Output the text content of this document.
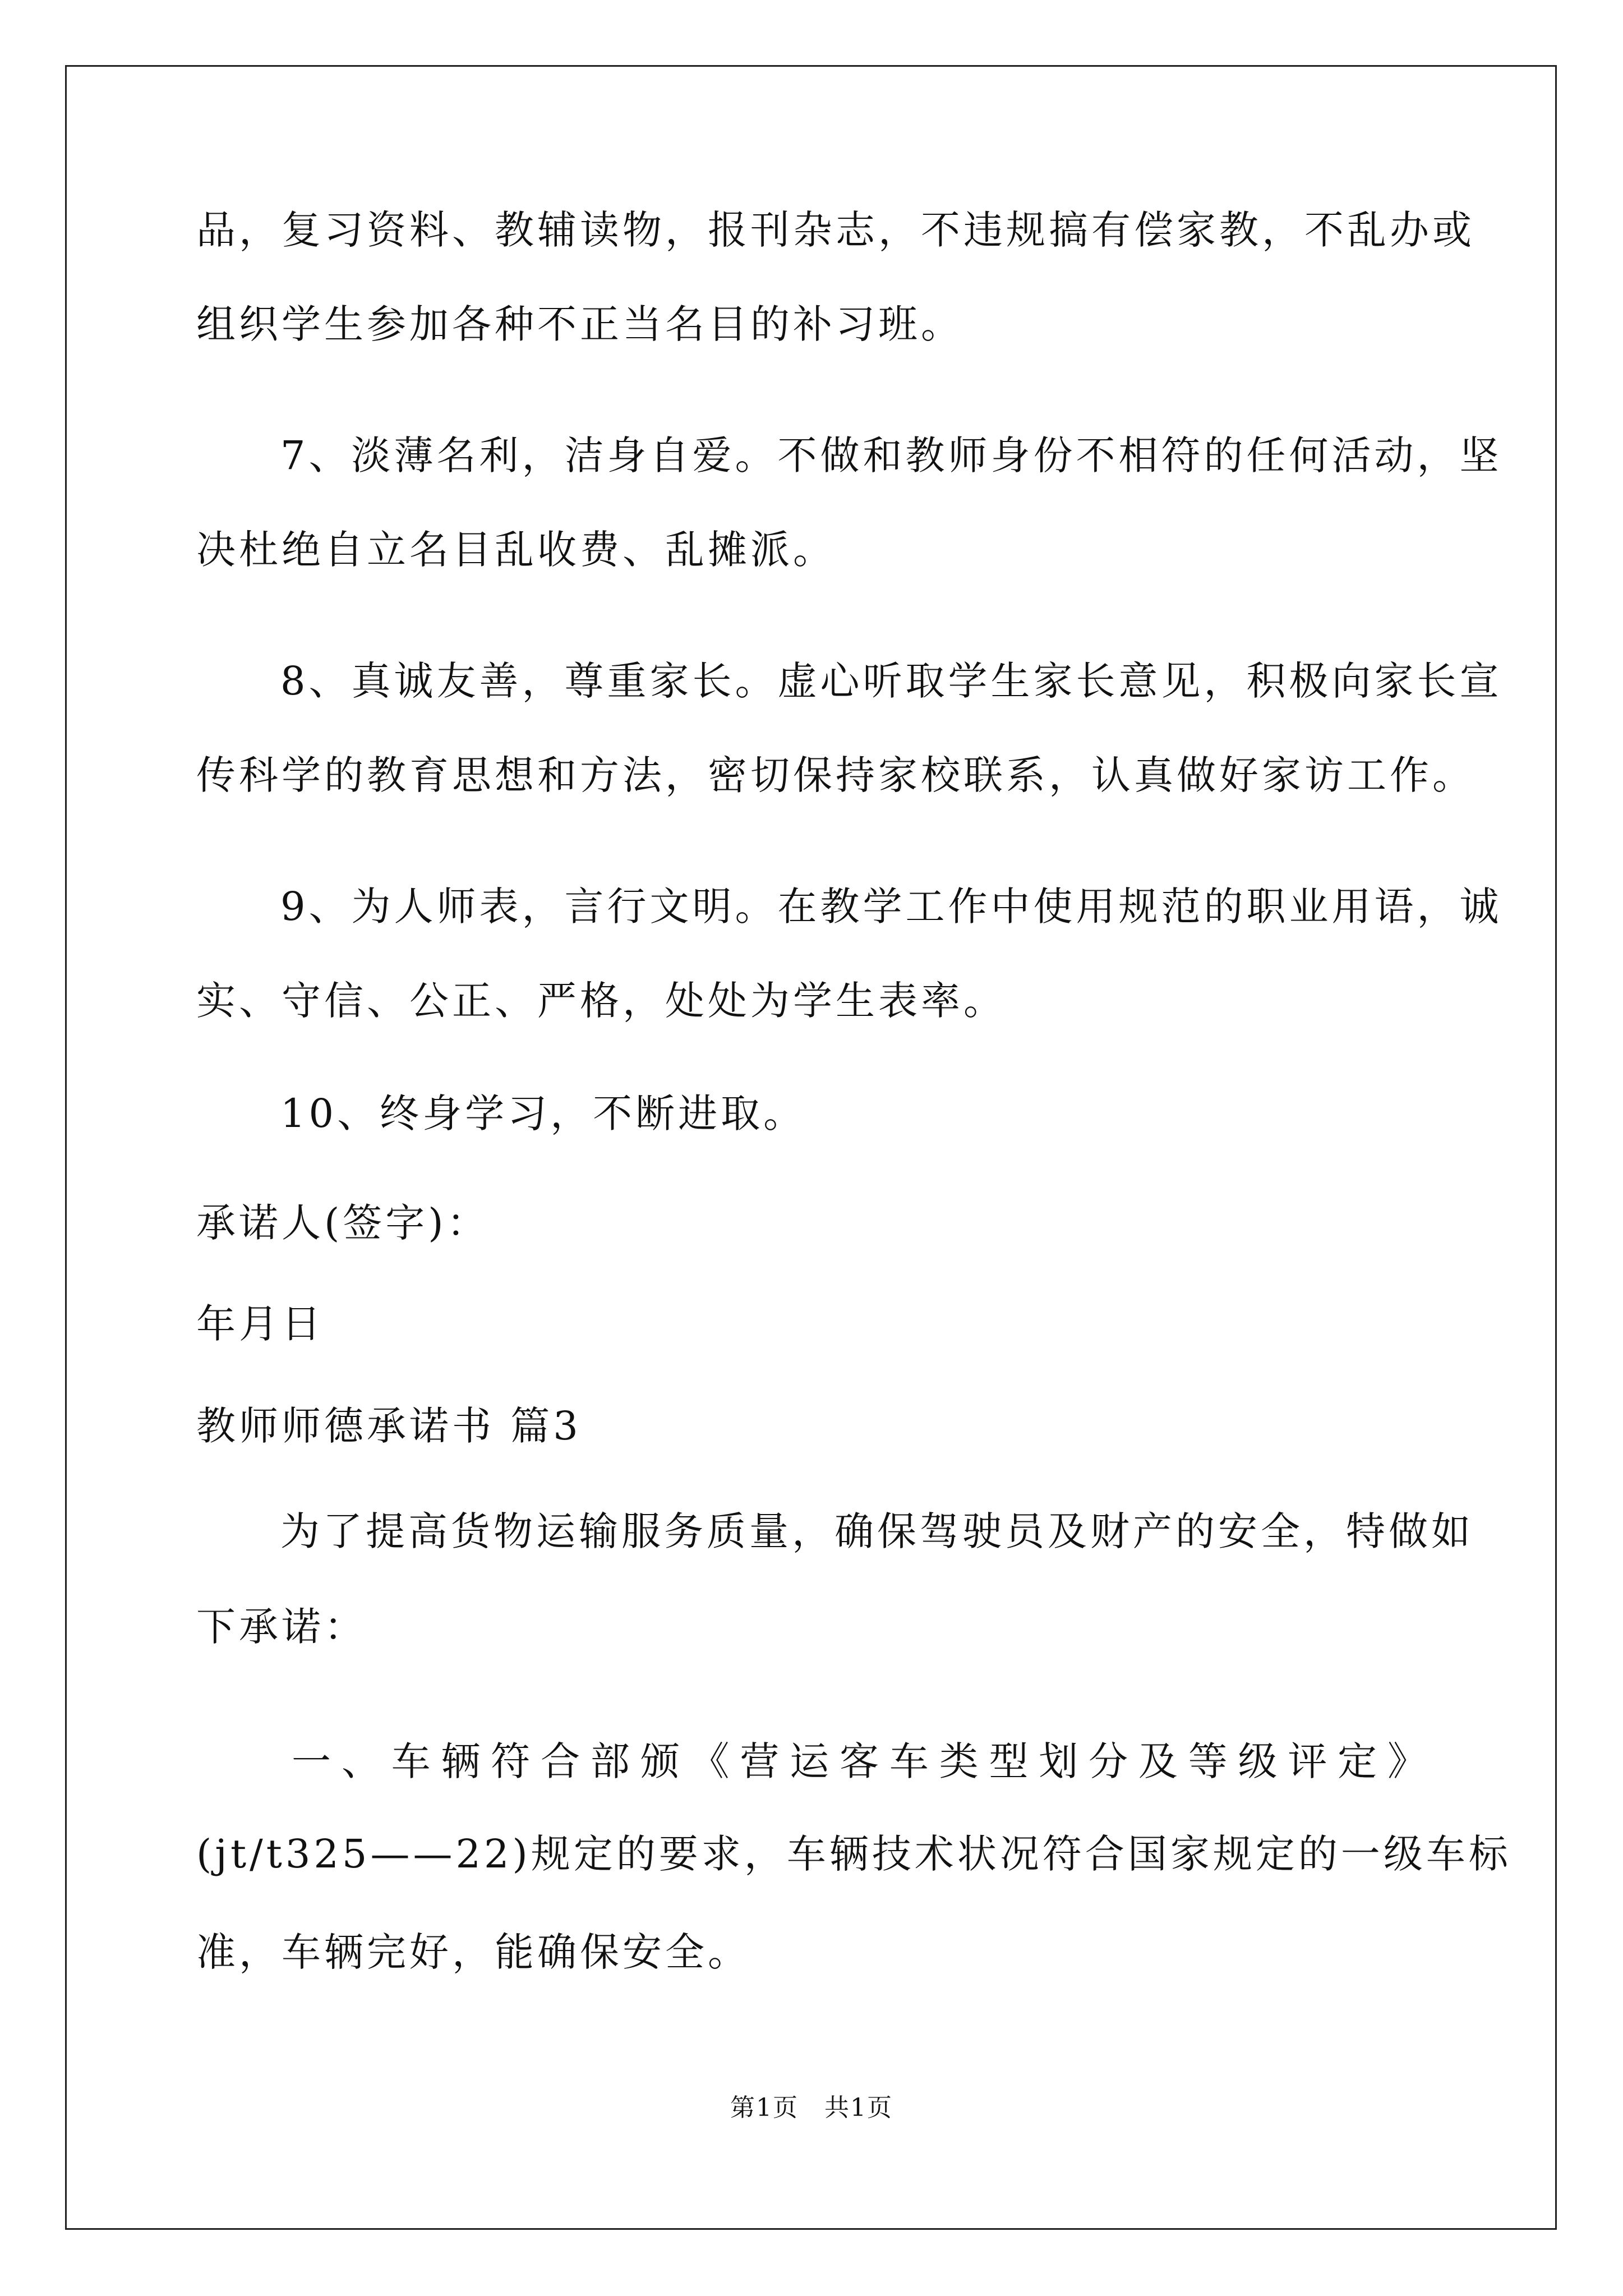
品，复习资料、教辅读物，报刊杂志，不违规搞有偿家教，不乱办或
组织学生参加各种不正当名目的补习班。
7、淡薄名利，洁身自爱。不做和教师身份不相符的任何活动，坚
决杜绝自立名目乱收费、乱摊派。
8、真诚友善，尊重家长。虚心听取学生家长意见，积极向家长宣
传科学的教育思想和方法，密切保持家校联系，认真做好家访工作。
9、为人师表，言行文明。在教学工作中使用规范的职业用语，诚
实、守信、公正、严格，处处为学生表率。
10、终身学习，不断进取。
承诺人(签字)：
年月日
教师师德承诺书 篇3
为了提高货物运输服务质量，确保驾驶员及财产的安全，特做如
下承诺：
一、车辆符合部颁《营运客车类型划分及等级评定》
(jt/t325——22)规定的要求，车辆技术状况符合国家规定的一级车标
准，车辆完好，能确保安全。
第1页　共1页
